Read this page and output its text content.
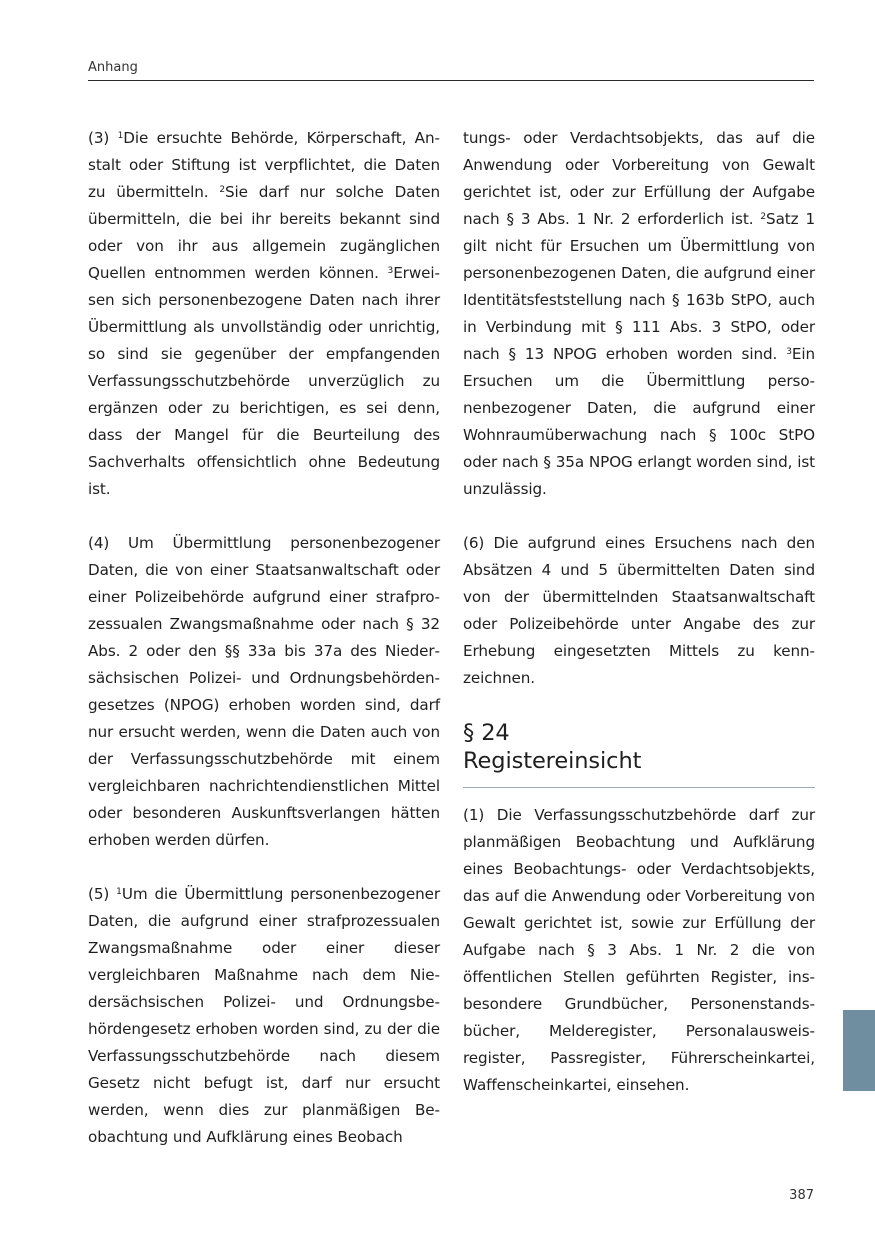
Anhang

(3) $^1$Die ersuchte Behörde, Körperschaft, Anstalt oder Stiftung ist verpflichtet, die Daten zu übermitteln. $^2$Sie darf nur solche Daten übermitteln, die bei ihr bereits bekannt sind oder von ihr aus allgemein zugänglichen Quellen entnommen werden können. $^3$Erweisen sich personenbezogene Daten nach ihrer Übermittlung als unvollständig oder unrichtig, so sind sie gegenüber der empfangenden Verfassungsschutzbehörde unverzüglich zu ergänzen oder zu berichtigen, es sei denn, dass der Mangel für die Beurteilung des Sachverhalts offensichtlich ohne Bedeutung ist.

(4) Um Übermittlung personenbezogener Daten, die von einer Staatsanwaltschaft oder einer Polizeibehörde aufgrund einer strafprozessualen Zwangsmaßnahme oder nach § 32 Abs. 2 oder den §§ 33a bis 37a des Niedersächsischen Polizei- und Ordnungsbehördengesetzes (NPOG) erhoben worden sind, darf nur ersucht werden, wenn die Daten auch von der Verfassungsschutzbehörde mit einem vergleichbaren nachrichtendienstlichen Mittel oder besonderen Auskunftsverlangen hätten erhoben werden dürfen.

(5) $^1$Um die Übermittlung personenbezogener Daten, die aufgrund einer strafprozessualen Zwangsmaßnahme oder einer dieser vergleichbaren Maßnahme nach dem Niedersächsischen Polizei- und Ordnungsbehördengesetz erhoben worden sind, zu der die Verfassungsschutzbehörde nach diesem Gesetz nicht befugt ist, darf nur ersucht werden, wenn dies zur planmäßigen Beobachtung und Aufklärung eines Beobach

tungs- oder Verdachtsobjekts, das auf die Anwendung oder Vorbereitung von Gewalt gerichtet ist, oder zur Erfüllung der Aufgabe nach § 3 Abs. 1 Nr. 2 erforderlich ist. $^2$Satz 1 gilt nicht für Ersuchen um Übermittlung von personenbezogenen Daten, die aufgrund einer Identitätsfeststellung nach § 163b StPO, auch in Verbindung mit § 111 Abs. 3 StPO, oder nach § 13 NPOG erhoben worden sind. $^3$Ein Ersuchen um die Übermittlung personenbezogener Daten, die aufgrund einer Wohnraumüberwachung nach § 100c StPO oder nach § 35a NPOG erlangt worden sind, ist unzulässig.

(6) Die aufgrund eines Ersuchens nach den Absätzen 4 und 5 übermittelten Daten sind von der übermittelnden Staatsanwaltschaft oder Polizeibehörde unter Angabe des zur Erhebung eingesetzten Mittels zu kennzeichnen.

§ 24
Registereinsicht

(1) Die Verfassungsschutzbehörde darf zur planmäßigen Beobachtung und Aufklärung eines Beobachtungs- oder Verdachtsobjekts, das auf die Anwendung oder Vorbereitung von Gewalt gerichtet ist, sowie zur Erfüllung der Aufgabe nach § 3 Abs. 1 Nr. 2 die von öffentlichen Stellen geführten Register, insbesondere Grundbücher, Personenstandsbücher, Melderegister, Personalausweisregister, Passregister, Führerscheinkartei, Waffenscheinkartei, einsehen.

387
